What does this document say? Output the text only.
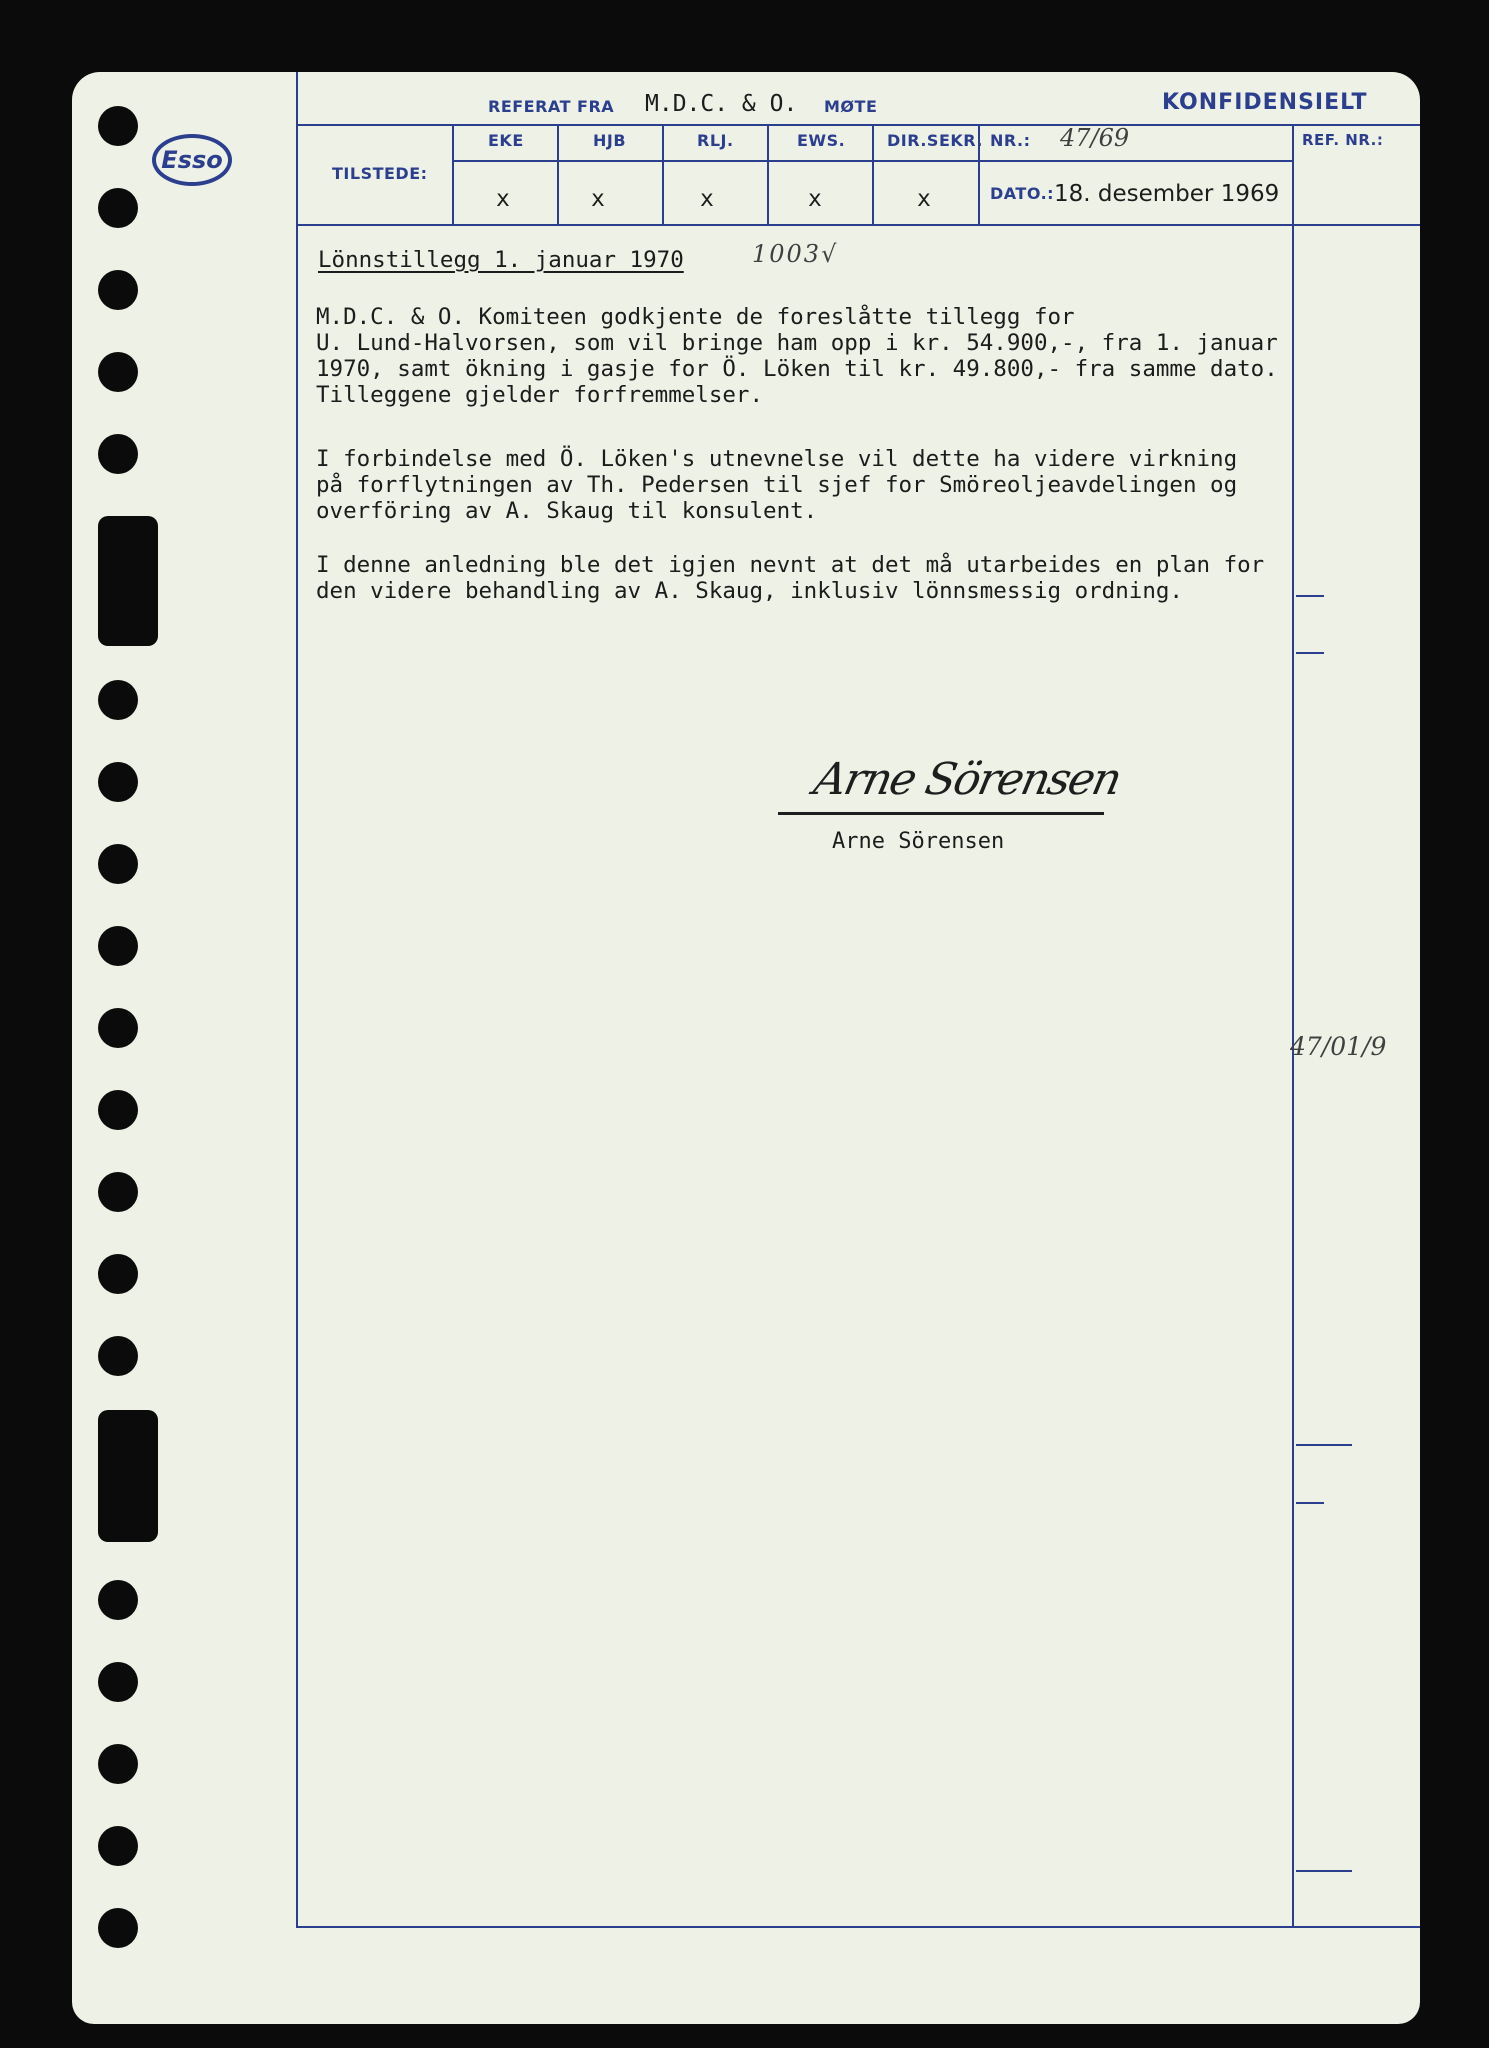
Esso
REFERAT FRA M.D.C. & O. MØTE	KONFIDENSIELT
TILSTEDE:
EKE	HJB	RLJ.	EWS.	DIR.SEKR.
x	x	x	x	x
NR.: 47/69
DATO.: 18. desember 1969
REF. NR.:
Lönnstillegg 1. januar 1970	1003√
M.D.C. & O. Komiteen godkjente de foreslåtte tillegg for
U. Lund-Halvorsen, som vil bringe ham opp i kr. 54.900,-, fra 1. januar
1970, samt ökning i gasje for Ö. Löken til kr. 49.800,- fra samme dato.
Tilleggene gjelder forfremmelser.
I forbindelse med Ö. Löken's utnevnelse vil dette ha videre virkning
på forflytningen av Th. Pedersen til sjef for Smöreoljeavdelingen og
overföring av A. Skaug til konsulent.
I denne anledning ble det igjen nevnt at det må utarbeides en plan for
den videre behandling av A. Skaug, inklusiv lönnsmessig ordning.
Arne Sörensen
Arne Sörensen
47/01/9
